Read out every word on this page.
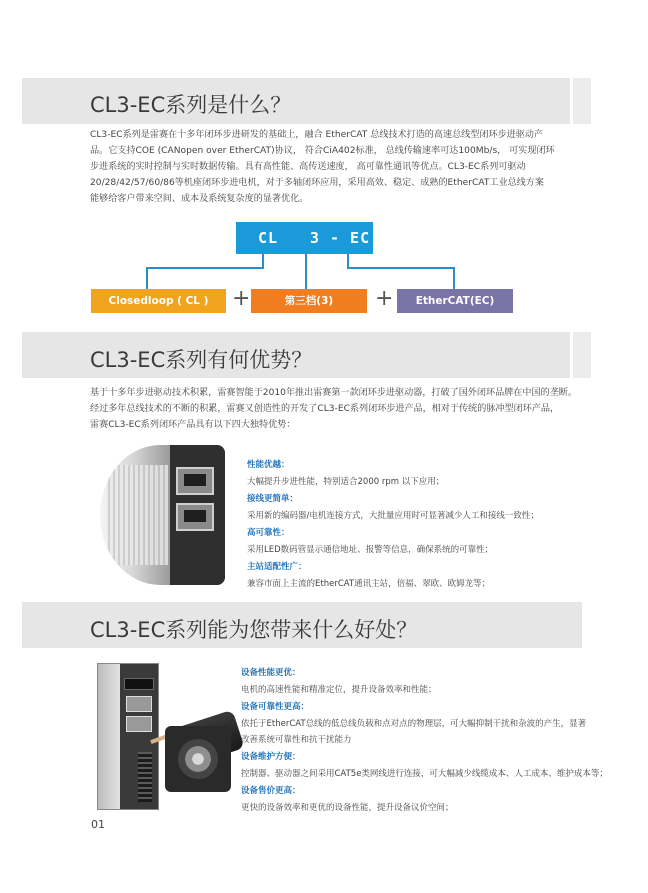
CL3-EC系列是什么？
CL3-EC系列是雷赛在十多年闭环步进研发的基础上，融合 EtherCAT 总线技术打造的高速总线型闭环步进驱动产
品。它支持COE (CANopen over EtherCAT)协议， 符合CiA402标准， 总线传输速率可达100Mb/s， 可实现闭环
步进系统的实时控制与实时数据传输。具有高性能、高传送速度， 高可靠性通讯等优点。CL3-EC系列可驱动
20/28/42/57/60/86等机座闭环步进电机，对于多轴闭环应用，采用高效、稳定、成熟的EtherCAT工业总线方案
能够给客户带来空间、成本及系统复杂度的显著优化。
CL 3 - EC
Closedloop ( CL )	+	第三档(3)	+	EtherCAT(EC)
CL3-EC系列有何优势？
基于十多年步进驱动技术积累，雷赛智能于2010年推出雷赛第一款闭环步进驱动器，打破了国外闭环品牌在中国的垄断。
经过多年总线技术的不断的积累，雷赛又创造性的开发了CL3-EC系列闭环步进产品，相对于传统的脉冲型闭环产品，
雷赛CL3-EC系列闭环产品具有以下四大独特优势：
性能优越：
大幅提升步进性能，特别适合2000 rpm 以下应用；
接线更简单：
采用新的编码器/电机连接方式，大批量应用时可显著减少人工和接线一致性；
高可靠性：
采用LED数码管显示通信地址、报警等信息，确保系统的可靠性；
主站适配性广：
兼容市面上主流的EtherCAT通讯主站，倍福、翠欧、欧姆龙等；
CL3-EC系列能为您带来什么好处？
设备性能更优：
电机的高速性能和精准定位，提升设备效率和性能；
设备可靠性更高：
依托于EtherCAT总线的低总线负载和点对点的物理层，可大幅抑制干扰和杂波的产生，显著
改善系统可靠性和抗干扰能力
设备维护方便：
控制器、驱动器之间采用CAT5e类网线进行连接，可大幅减少线缆成本、人工成本、维护成本等；
设备售价更高：
更快的设备效率和更优的设备性能，提升设备议价空间；
01
